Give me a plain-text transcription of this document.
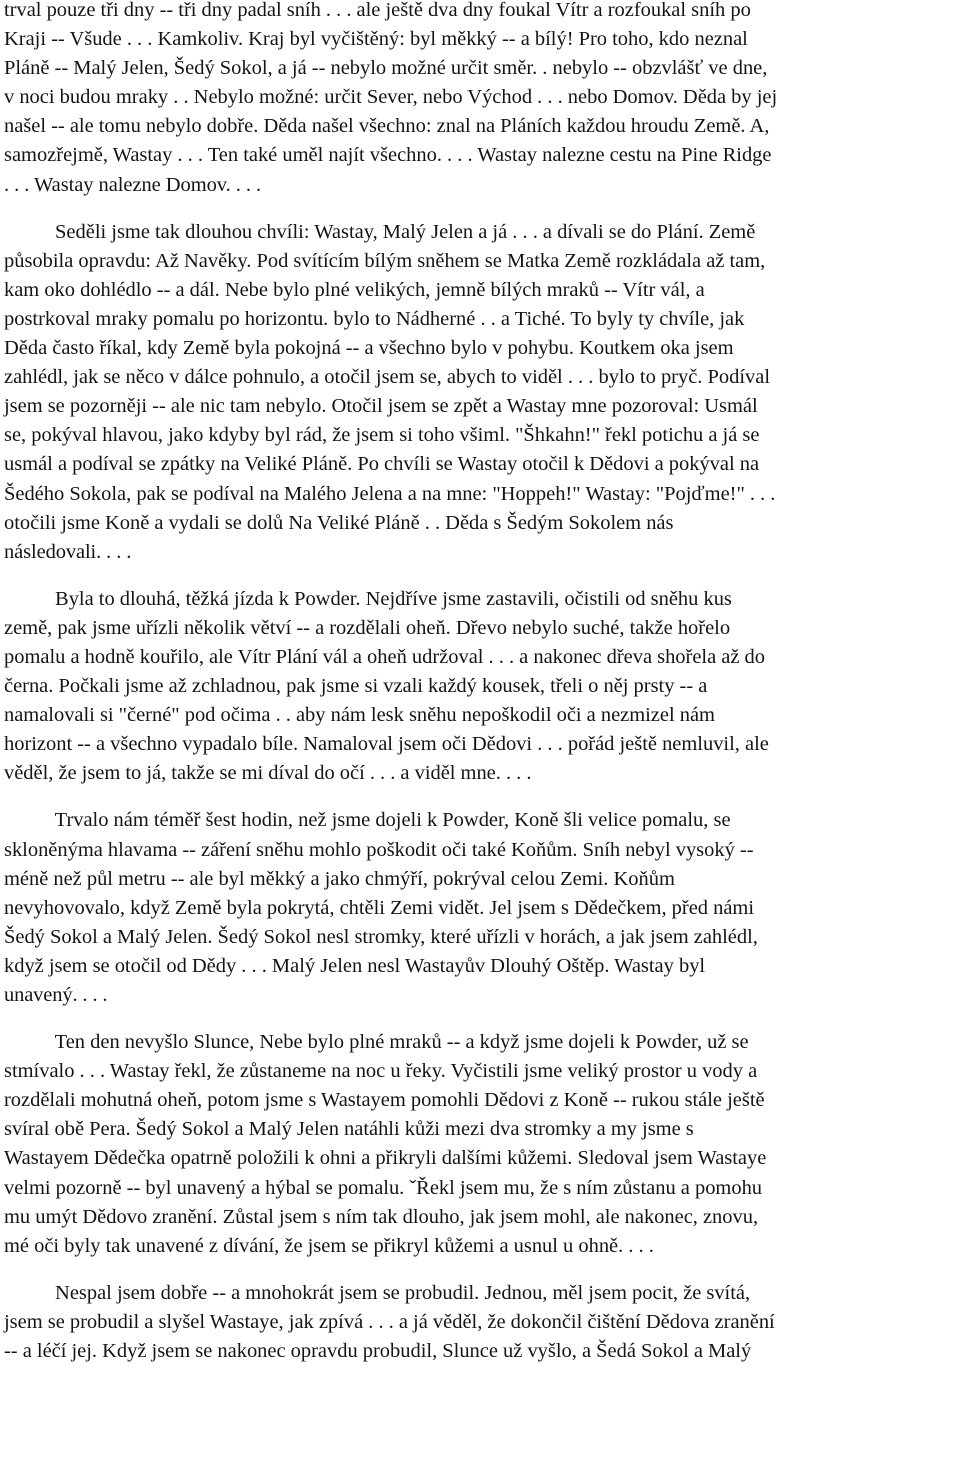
trval pouze tři dny -- tři dny padal sníh . . . ale ještě dva dny foukal Vítr a rozfoukal sníh po
Kraji -- Všude . . . Kamkoliv. Kraj byl vyčištěný: byl měkký -- a bílý! Pro toho, kdo neznal
Pláně -- Malý Jelen, Šedý Sokol, a já -- nebylo možné určit směr. . nebylo -- obzvlášť ve dne,
v noci budou mraky . . Nebylo možné: určit Sever, nebo Východ . . . nebo Domov. Děda by jej
našel -- ale tomu nebylo dobře. Děda našel všechno: znal na Pláních každou hroudu Země. A,
samozřejmě, Wastay . . . Ten také uměl najít všechno. . . . Wastay nalezne cestu na Pine Ridge
. . . Wastay nalezne Domov. . . .
Seděli jsme tak dlouhou chvíli: Wastay, Malý Jelen a já . . . a dívali se do Plání. Země
působila opravdu: Až Navěky. Pod svítícím bílým sněhem se Matka Země rozkládala až tam,
kam oko dohlédlo -- a dál. Nebe bylo plné velikých, jemně bílých mraků -- Vítr vál, a
postrkoval mraky pomalu po horizontu. bylo to Nádherné . . a Tiché. To byly ty chvíle, jak
Děda často říkal, kdy Země byla pokojná -- a všechno bylo v pohybu. Koutkem oka jsem
zahlédl, jak se něco v dálce pohnulo, a otočil jsem se, abych to viděl . . . bylo to pryč. Podíval
jsem se pozorněji -- ale nic tam nebylo. Otočil jsem se zpět a Wastay mne pozoroval: Usmál
se, pokýval hlavou, jako kdyby byl rád, že jsem si toho všiml. "Šhkahn!" řekl potichu a já se
usmál a podíval se zpátky na Veliké Pláně. Po chvíli se Wastay otočil k Dědovi a pokýval na
Šedého Sokola, pak se podíval na Malého Jelena a na mne: "Hoppeh!" Wastay: "Pojďme!" . . .
otočili jsme Koně a vydali se dolů Na Veliké Pláně . . Děda s Šedým Sokolem nás
následovali. . . .
Byla to dlouhá, těžká jízda k Powder. Nejdříve jsme zastavili, očistili od sněhu kus
země, pak jsme uřízli několik větví -- a rozdělali oheň. Dřevo nebylo suché, takže hořelo
pomalu a hodně kouřilo, ale Vítr Plání vál a oheň udržoval . . . a nakonec dřeva shořela až do
černa. Počkali jsme až zchladnou, pak jsme si vzali každý kousek, třeli o něj prsty -- a
namalovali si "černé" pod očima . . aby nám lesk sněhu nepoškodil oči a nezmizel nám
horizont -- a všechno vypadalo bíle. Namaloval jsem oči Dědovi . . . pořád ještě nemluvil, ale
věděl, že jsem to já, takže se mi díval do očí . . . a viděl mne. . . .
Trvalo nám téměř šest hodin, než jsme dojeli k Powder, Koně šli velice pomalu, se
skloněnýma hlavama -- záření sněhu mohlo poškodit oči také Koňům. Sníh nebyl vysoký --
méně než půl metru -- ale byl měkký a jako chmýří, pokrýval celou Zemi. Koňům
nevyhovovalo, když Země byla pokrytá, chtěli Zemi vidět. Jel jsem s Dědečkem, před námi
Šedý Sokol a Malý Jelen. Šedý Sokol nesl stromky, které uřízli v horách, a jak jsem zahlédl,
když jsem se otočil od Dědy . . . Malý Jelen nesl Wastayův Dlouhý Oštěp. Wastay byl
unavený. . . .
Ten den nevyšlo Slunce, Nebe bylo plné mraků -- a když jsme dojeli k Powder, už se
stmívalo . . . Wastay řekl, že zůstaneme na noc u řeky. Vyčistili jsme veliký prostor u vody a
rozdělali mohutná oheň, potom jsme s Wastayem pomohli Dědovi z Koně -- rukou stále ještě
svíral obě Pera. Šedý Sokol a Malý Jelen natáhli kůži mezi dva stromky a my jsme s
Wastayem Dědečka opatrně položili k ohni a přikryli dalšími kůžemi. Sledoval jsem Wastaye
velmi pozorně -- byl unavený a hýbal se pomalu. ˇŘekl jsem mu, že s ním zůstanu a pomohu
mu umýt Dědovo zranění. Zůstal jsem s ním tak dlouho, jak jsem mohl, ale nakonec, znovu,
mé oči byly tak unavené z dívání, že jsem se přikryl kůžemi a usnul u ohně. . . .
Nespal jsem dobře -- a mnohokrát jsem se probudil. Jednou, měl jsem pocit, že svítá,
jsem se probudil a slyšel Wastaye, jak zpívá . . . a já věděl, že dokončil čištění Dědova zranění
-- a léčí jej. Když jsem se nakonec opravdu probudil, Slunce už vyšlo, a Šedá Sokol a Malý
